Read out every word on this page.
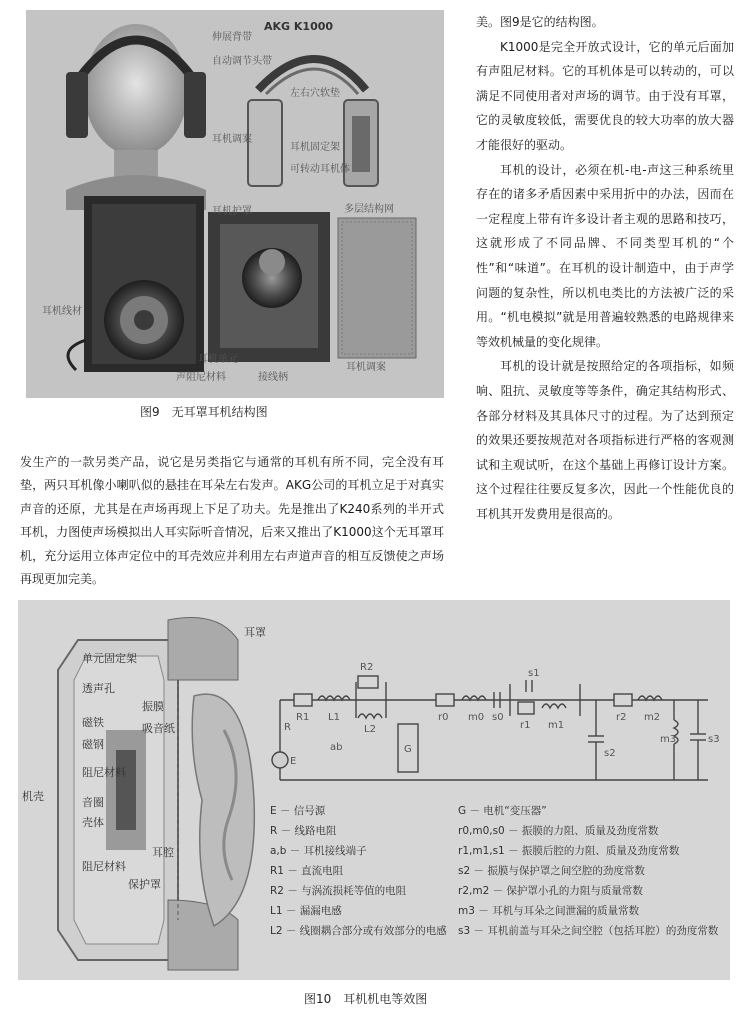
AKG K1000
伸展背带
自动调节头带
左右穴软垫
耳机固定架
耳机调案
可转动耳机体
耳机线材
耳机护罩	多层结构网
耳机单元
声阻尼材料	接线柄
耳机调案
图9　无耳罩耳机结构图

美。图9是它的结构图。

K1000是完全开放式设计，它的单元后面加有声阻尼材料。它的耳机体是可以转动的，可以满足不同使用者对声场的调节。由于没有耳罩，它的灵敏度较低，需要优良的较大功率的放大器才能很好的驱动。

耳机的设计，必须在机-电-声这三种系统里存在的诸多矛盾因素中采用折中的办法，因而在一定程度上带有许多设计者主观的思路和技巧，这就形成了不同品牌、不同类型耳机的“个性”和“味道”。在耳机的设计制造中，由于声学问题的复杂性，所以机电类比的方法被广泛的采用。“机电模拟”就是用普遍较熟悉的电路规律来等效机械量的变化规律。

耳机的设计就是按照给定的各项指标，如频响、阻抗、灵敏度等等条件，确定其结构形式、各部分材料及其具体尺寸的过程。为了达到预定的效果还要按规范对各项指标进行严格的客观测试和主观试听，在这个基础上再修订设计方案。这个过程往往要反复多次，因此一个性能优良的耳机其开发费用是很高的。

发生产的一款另类产品，说它是另类指它与通常的耳机有所不同，完全没有耳垫，两只耳机像小喇叭似的悬挂在耳朵左右发声。AKG公司的耳机立足于对真实声音的还原，尤其是在声场再现上下足了功夫。先是推出了K240系列的半开式耳机，力图使声场模拟出人耳实际听音情况，后来又推出了K1000这个无耳罩耳机，充分运用立体声定位中的耳壳效应并利用左右声道声音的相互反馈使之声场再现更加完美。

耳罩
单元固定架
透声孔
磁铁
磁钢
阻尼材料
音圈
壳体
阻尼材料
耳腔
保护罩
振膜
吸音纸
机壳
R
E
ab
R1 L1
R2
L2
G
r0 m0 s0
r1 m1
s1
r2 m2
s2
m3	s3
E － 信号源
R － 线路电阻
a,b － 耳机接线端子
R1 － 直流电阻
R2 － 与涡流损耗等值的电阻
L1 － 漏漏电感
L2 － 线圈耦合部分或有效部分的电感
G － 电机“变压器”
r0,m0,s0 － 振膜的力阻、质量及劲度常数
r1,m1,s1 － 振膜后腔的力阻、质量及劲度常数
s2 － 振膜与保护罩之间空腔的劲度常数
r2,m2 － 保护罩小孔的力阻与质量常数
m3 － 耳机与耳朵之间泄漏的质量常数
s3 － 耳机前盖与耳朵之间空腔（包括耳腔）的劲度常数
图10　耳机机电等效图
